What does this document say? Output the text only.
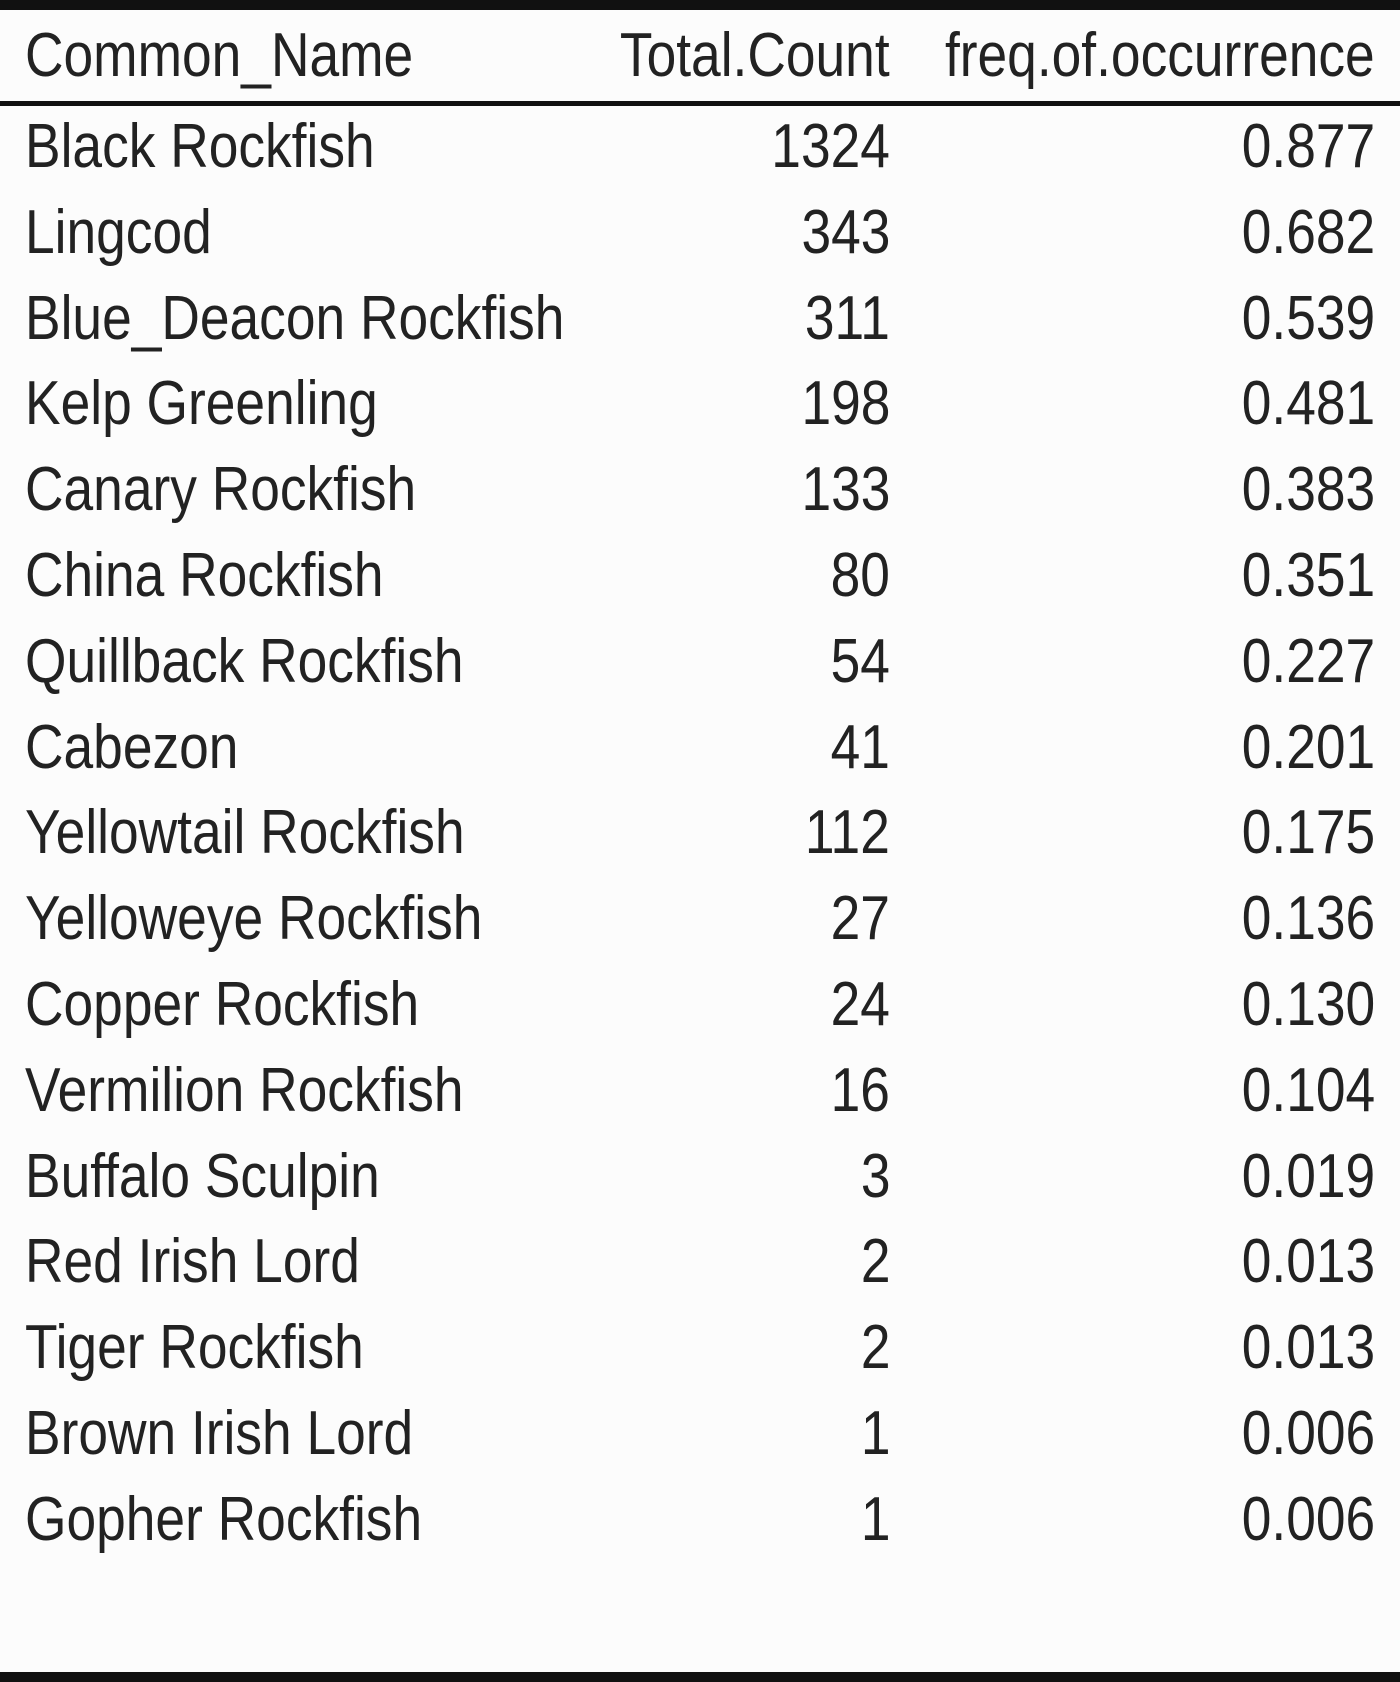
Common_Name	Total.Count freq.of.occurrence
Black Rockfish	1324	0.877
Lingcod	343	0.682
Blue_Deacon Rockfish	311	0.539
Kelp Greenling	198	0.481
Canary Rockfish	133	0.383
China Rockfish	80	0.351
Quillback Rockfish	54	0.227
Cabezon	41	0.201
Yellowtail Rockfish	112	0.175
Yelloweye Rockfish	27	0.136
Copper Rockfish	24	0.130
Vermilion Rockfish	16	0.104
Buffalo Sculpin	3	0.019
Red Irish Lord	2	0.013
Tiger Rockfish	2	0.013
Brown Irish Lord	1	0.006
Gopher Rockfish	1	0.006
